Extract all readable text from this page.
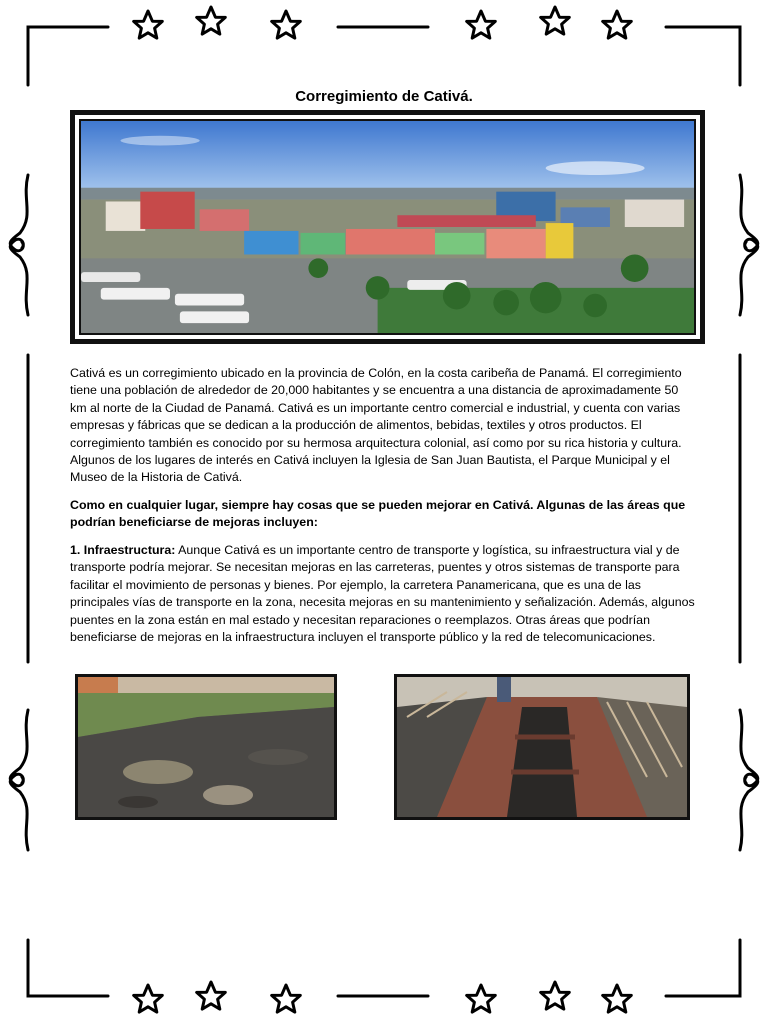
Corregimiento de Cativá.
Cativá es un corregimiento ubicado en la provincia de Colón, en la costa caribeña de Panamá. El corregimiento tiene una población de alrededor de 20,000 habitantes y se encuentra a una distancia de aproximadamente 50 km al norte de la Ciudad de Panamá. Cativá es un importante centro comercial e industrial, y cuenta con varias empresas y fábricas que se dedican a la producción de alimentos, bebidas, textiles y otros productos. El corregimiento también es conocido por su hermosa arquitectura colonial, así como por su rica historia y cultura. Algunos de los lugares de interés en Cativá incluyen la Iglesia de San Juan Bautista, el Parque Municipal y el Museo de la Historia de Cativá.
Como en cualquier lugar, siempre hay cosas que se pueden mejorar en Cativá. Algunas de las áreas que podrían beneficiarse de mejoras incluyen:
1. Infraestructura: Aunque Cativá es un importante centro de transporte y logística, su infraestructura vial y de transporte podría mejorar. Se necesitan mejoras en las carreteras, puentes y otros sistemas de transporte para facilitar el movimiento de personas y bienes. Por ejemplo, la carretera Panamericana, que es una de las principales vías de transporte en la zona, necesita mejoras en su mantenimiento y señalización. Además, algunos puentes en la zona están en mal estado y necesitan reparaciones o reemplazos. Otras áreas que podrían beneficiarse de mejoras en la infraestructura incluyen el transporte público y la red de telecomunicaciones.
